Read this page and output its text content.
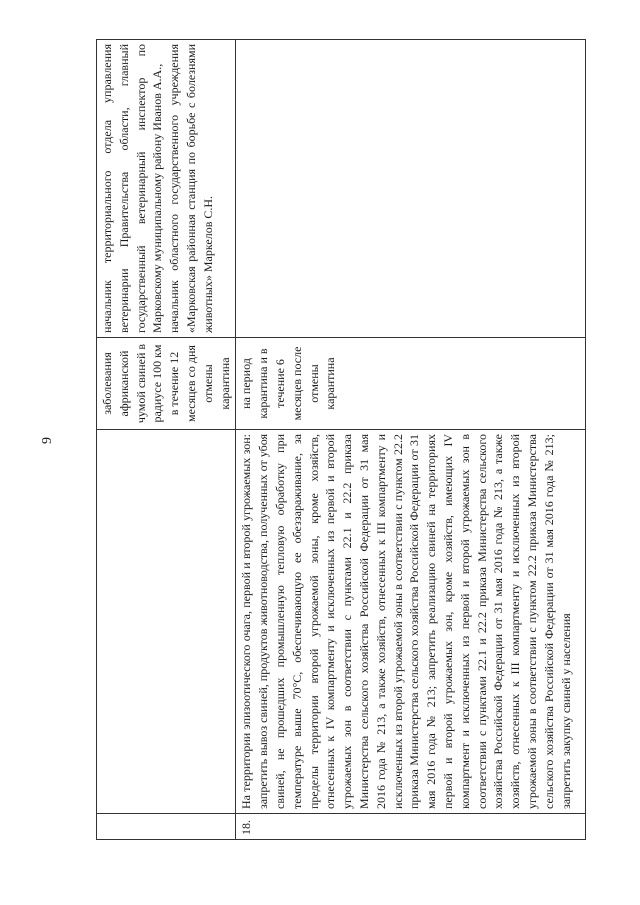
9
		заболевания африканской чумой свиней в радиусе 100 км в течение 12 месяцев со дня отмены карантина	начальник территориального отдела управления ветеринарии Правительства области, главный государственный ветеринарный инспектор по Марковскому муниципальному району Иванов А.А., начальник областного государственного учреждения «Марковская районная станция по борьбе с болезнями животных» Маркелов С.Н.

18.	На территории эпизоотического очага, первой и второй угрожаемых зон: запретить вывоз свиней, продуктов животноводства, полученных от убоя свиней, не прошедших промышленную тепловую обработку при температуре выше 70°С, обеспечивающую ее обеззараживание, за пределы территории второй угрожаемой зоны, кроме хозяйств, отнесенных к IV компартменту и исключенных из первой и второй угрожаемых зон в соответствии с пунктами 22.1 и 22.2 приказа Министерства сельского хозяйства Российской Федерации от 31 мая 2016 года № 213, а также хозяйств, отнесенных к III компартменту и исключенных из второй угрожаемой зоны в соответствии с пунктом 22.2 приказа Министерства сельского хозяйства Российской Федерации от 31 мая 2016 года № 213; запретить реализацию свиней на территориях первой и второй угрожаемых зон, кроме хозяйств, имеющих IV компартмент и исключенных из первой и второй угрожаемых зон в соответствии с пунктами 22.1 и 22.2 приказа Министерства сельского хозяйства Российской Федерации от 31 мая 2016 года № 213, а также хозяйств, отнесенных к III компартменту и исключенных из второй угрожаемой зоны в соответствии с пунктом 22.2 приказа Министерства сельского хозяйства Российской Федерации от 31 мая 2016 года № 213; запретить закупку свиней у населения	на период карантина и в течение 6 месяцев после отмены карантина	
